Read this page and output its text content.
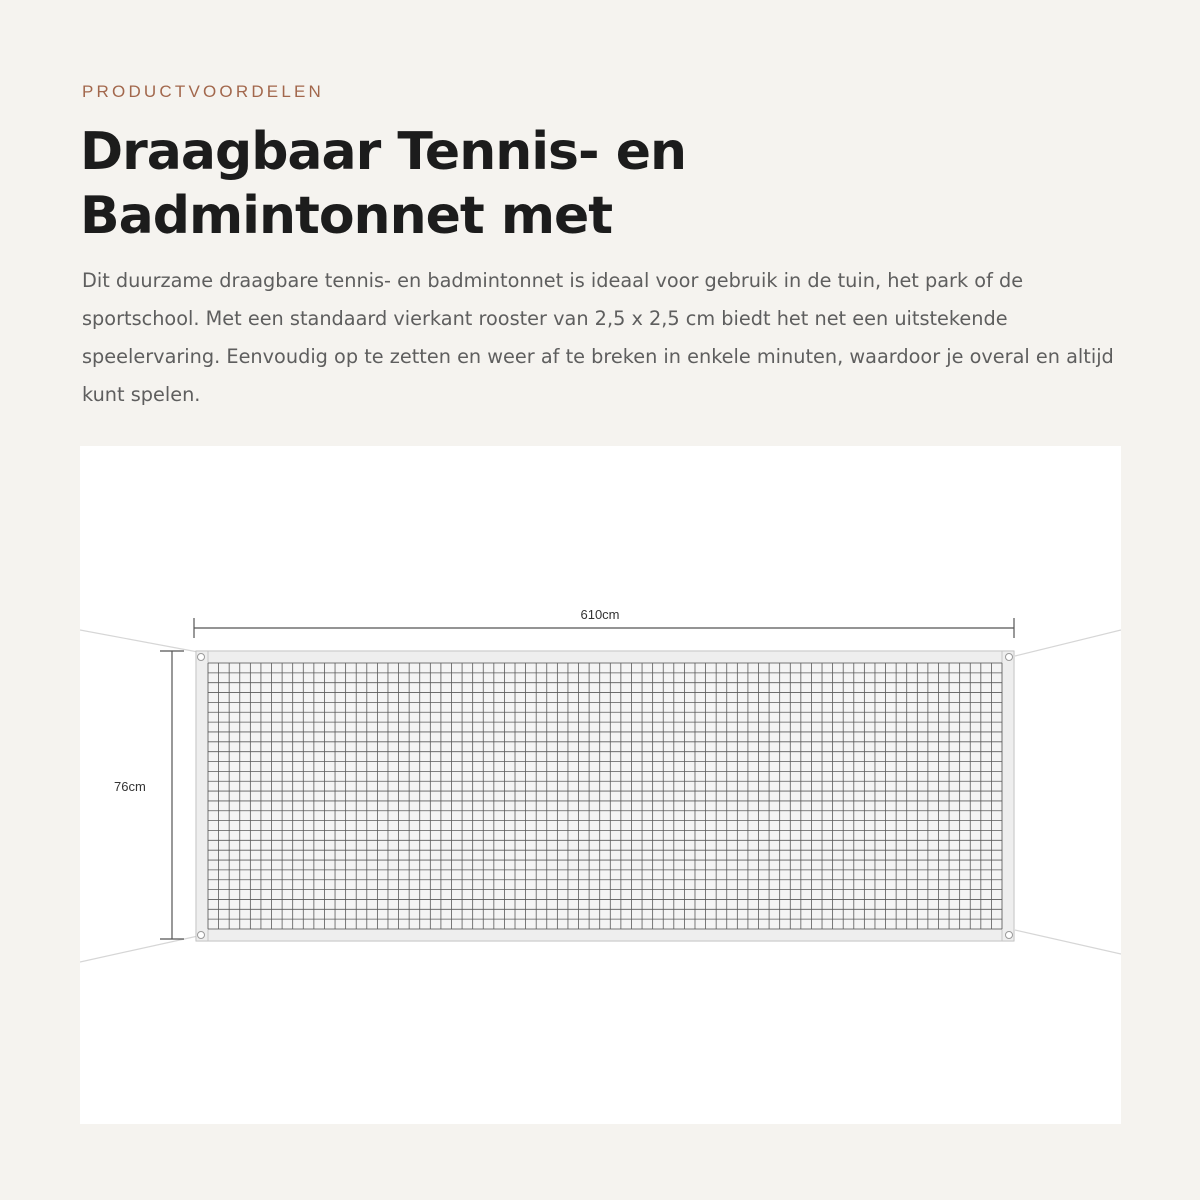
PRODUCTVOORDELEN
Draagbaar Tennis- en Badmintonnet met

Dit duurzame draagbare tennis- en badmintonnet is ideaal voor gebruik in de tuin, het park of de sportschool. Met een standaard vierkant rooster van 2,5 x 2,5 cm biedt het net een uitstekende speelervaring. Eenvoudig op te zetten en weer af te breken in enkele minuten, waardoor je overal en altijd kunt spelen.

610cm
76cm
